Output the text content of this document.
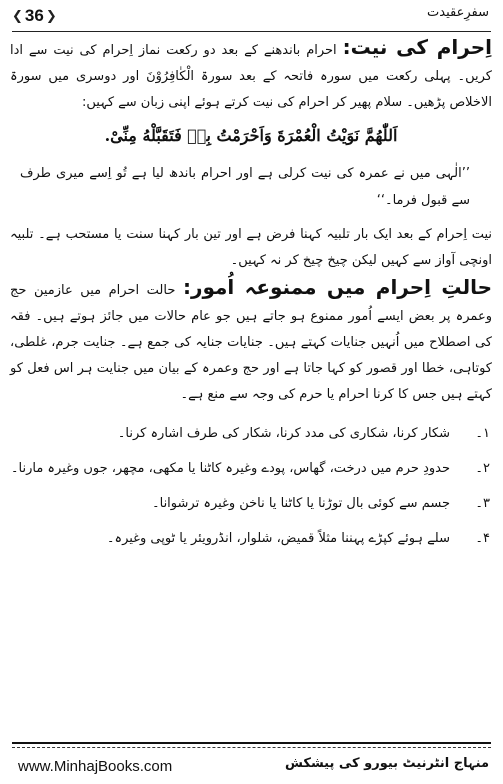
❮ 36 ❯	سفرِعقیدت

اِحرام کی نیت: احرام باندھنے کے بعد دو رکعت نماز اِحرام کی نیت سے ادا کریں۔ پہلی رکعت میں سورہ فاتحہ کے بعد سورۃ الْکٰافِرُوْنَ اور دوسری میں سورۃ الاخلاص پڑھیں۔ سلام پھیر کر احرام کی نیت کرتے ہوئے اپنی زبان سے کہیں:

اَللّٰهُمَّ نَوَیْتُ الْعُمْرَةَ وَاَحْرَمْتُ بِهٖ فَتَقَبَّلْهُ مِنِّیْ.

’’الٰہی میں نے عمرہ کی نیت کرلی ہے اور احرام باندھ لیا ہے تُو اِسے میری طرف سے قبول فرما۔‘‘

نیت اِحرام کے بعد ایک بار تلبیہ کہنا فرض ہے اور تین بار کہنا سنت یا مستحب ہے۔ تلبیہ اونچی آواز سے کہیں لیکن چیخ چیخ کر نہ کہیں۔

حالتِ اِحرام میں ممنوعہ اُمور: حالت احرام میں عازمین حج وعمرہ پر بعض ایسے اُمور ممنوع ہو جاتے ہیں جو عام حالات میں جائز ہوتے ہیں۔ فقہ کی اصطلاح میں اُنہیں جنایات کہتے ہیں۔ جنایات جنایہ کی جمع ہے۔ جنایت جرم، غلطی، کوتاہی، خطا اور قصور کو کہا جاتا ہے اور حج وعمرہ کے بیان میں جنایت ہر اس فعل کو کہتے ہیں جس کا کرنا احرام یا حرم کی وجہ سے منع ہے۔

۱۔
شکار کرنا، شکاری کی مدد کرنا، شکار کی طرف اشارہ کرنا۔
۲۔
حدودِ حرم میں درخت، گھاس، پودے وغیرہ کاٹنا یا مکھی، مچھر، جوں وغیرہ مارنا۔
۳۔
جسم سے کوئی بال توڑنا یا کاٹنا یا ناخن وغیرہ ترشوانا۔
۴۔
سلے ہوئے کپڑے پہننا مثلاً قمیض، شلوار، انڈرویئر یا ٹوپی وغیرہ۔
www.MinhajBooks.com	منہاج انٹرنیٹ بیورو کی پیشکش
